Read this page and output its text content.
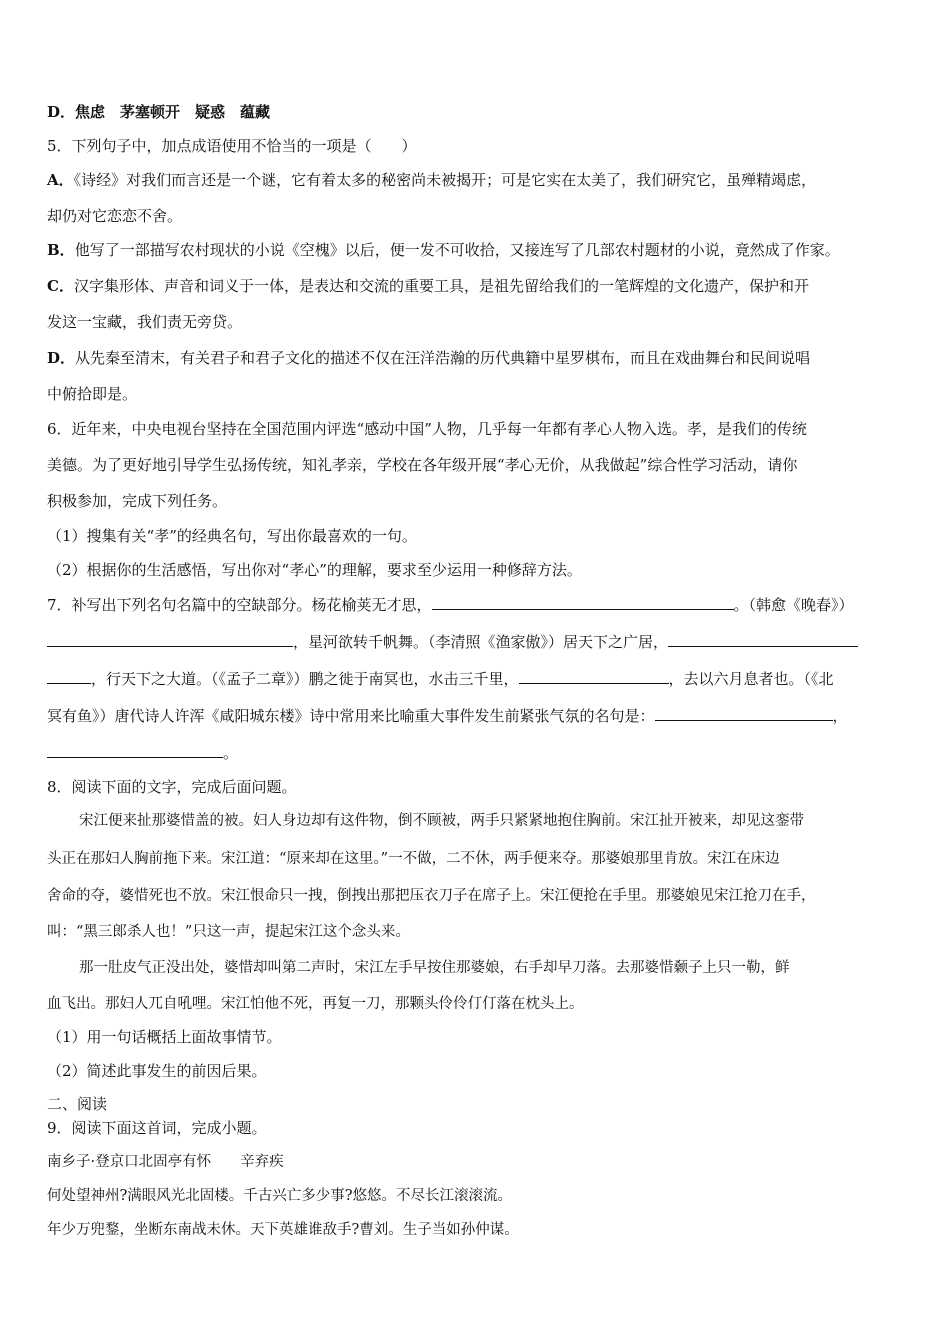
D．焦虑　茅塞顿开　疑惑　蕴藏
5．下列句子中，加点成语使用不恰当的一项是（　　）
A．《诗经》对我们而言还是一个谜，它有着太多的秘密尚未被揭开；可是它实在太美了，我们研究它，虽殚精竭虑，
却仍对它恋恋不舍。
B．他写了一部描写农村现状的小说《空槐》以后，便一发不可收拾，又接连写了几部农村题材的小说，竟然成了作家。
C．汉字集形体、声音和词义于一体，是表达和交流的重要工具，是祖先留给我们的一笔辉煌的文化遗产，保护和开
发这一宝藏，我们责无旁贷。
D．从先秦至清末，有关君子和君子文化的描述不仅在汪洋浩瀚的历代典籍中星罗棋布，而且在戏曲舞台和民间说唱
中俯拾即是。
6．近年来，中央电视台坚持在全国范围内评选“感动中国”人物，几乎每一年都有孝心人物入选。孝，是我们的传统
美德。为了更好地引导学生弘扬传统，知礼孝亲，学校在各年级开展“孝心无价，从我做起”综合性学习活动，请你
积极参加，完成下列任务。
（1）搜集有关“孝”的经典名句，写出你最喜欢的一句。
（2）根据你的生活感悟，写出你对“孝心”的理解，要求至少运用一种修辞方法。
7．补写出下列名句名篇中的空缺部分。杨花榆荚无才思，	。（韩愈《晚春》）
，星河欲转千帆舞。（李清照《渔家傲》）居天下之广居，
，行天下之大道。（《孟子二章》）鹏之徙于南冥也，水击三千里，	，去以六月息者也。（《北
冥有鱼》）唐代诗人许浑《咸阳城东楼》诗中常用来比喻重大事件发生前紧张气氛的名句是：	，
。
8．阅读下面的文字，完成后面问题。
宋江便来扯那婆惜盖的被。妇人身边却有这件物，倒不顾被，两手只紧紧地抱住胸前。宋江扯开被来，却见这銮带
头正在那妇人胸前拖下来。宋江道：“原来却在这里。”一不做，二不休，两手便来夺。那婆娘那里肯放。宋江在床边
舍命的夺，婆惜死也不放。宋江恨命只一拽，倒拽出那把压衣刀子在席子上。宋江便抢在手里。那婆娘见宋江抢刀在手，
叫：“黑三郎杀人也！”只这一声，提起宋江这个念头来。
那一肚皮气正没出处，婆惜却叫第二声时，宋江左手早按住那婆娘，右手却早刀落。去那婆惜颡子上只一勒，鲜
血飞出。那妇人兀自吼哩。宋江怕他不死，再复一刀，那颗头伶伶仃仃落在枕头上。
（1）用一句话概括上面故事情节。
（2）简述此事发生的前因后果。
二、阅读
9．阅读下面这首词，完成小题。
南乡子·登京口北固亭有怀　　辛弃疾
何处望神州?满眼风光北固楼。千古兴亡多少事?悠悠。不尽长江滚滚流。
年少万兜鍪，坐断东南战未休。天下英雄谁敌手?曹刘。生子当如孙仲谋。
